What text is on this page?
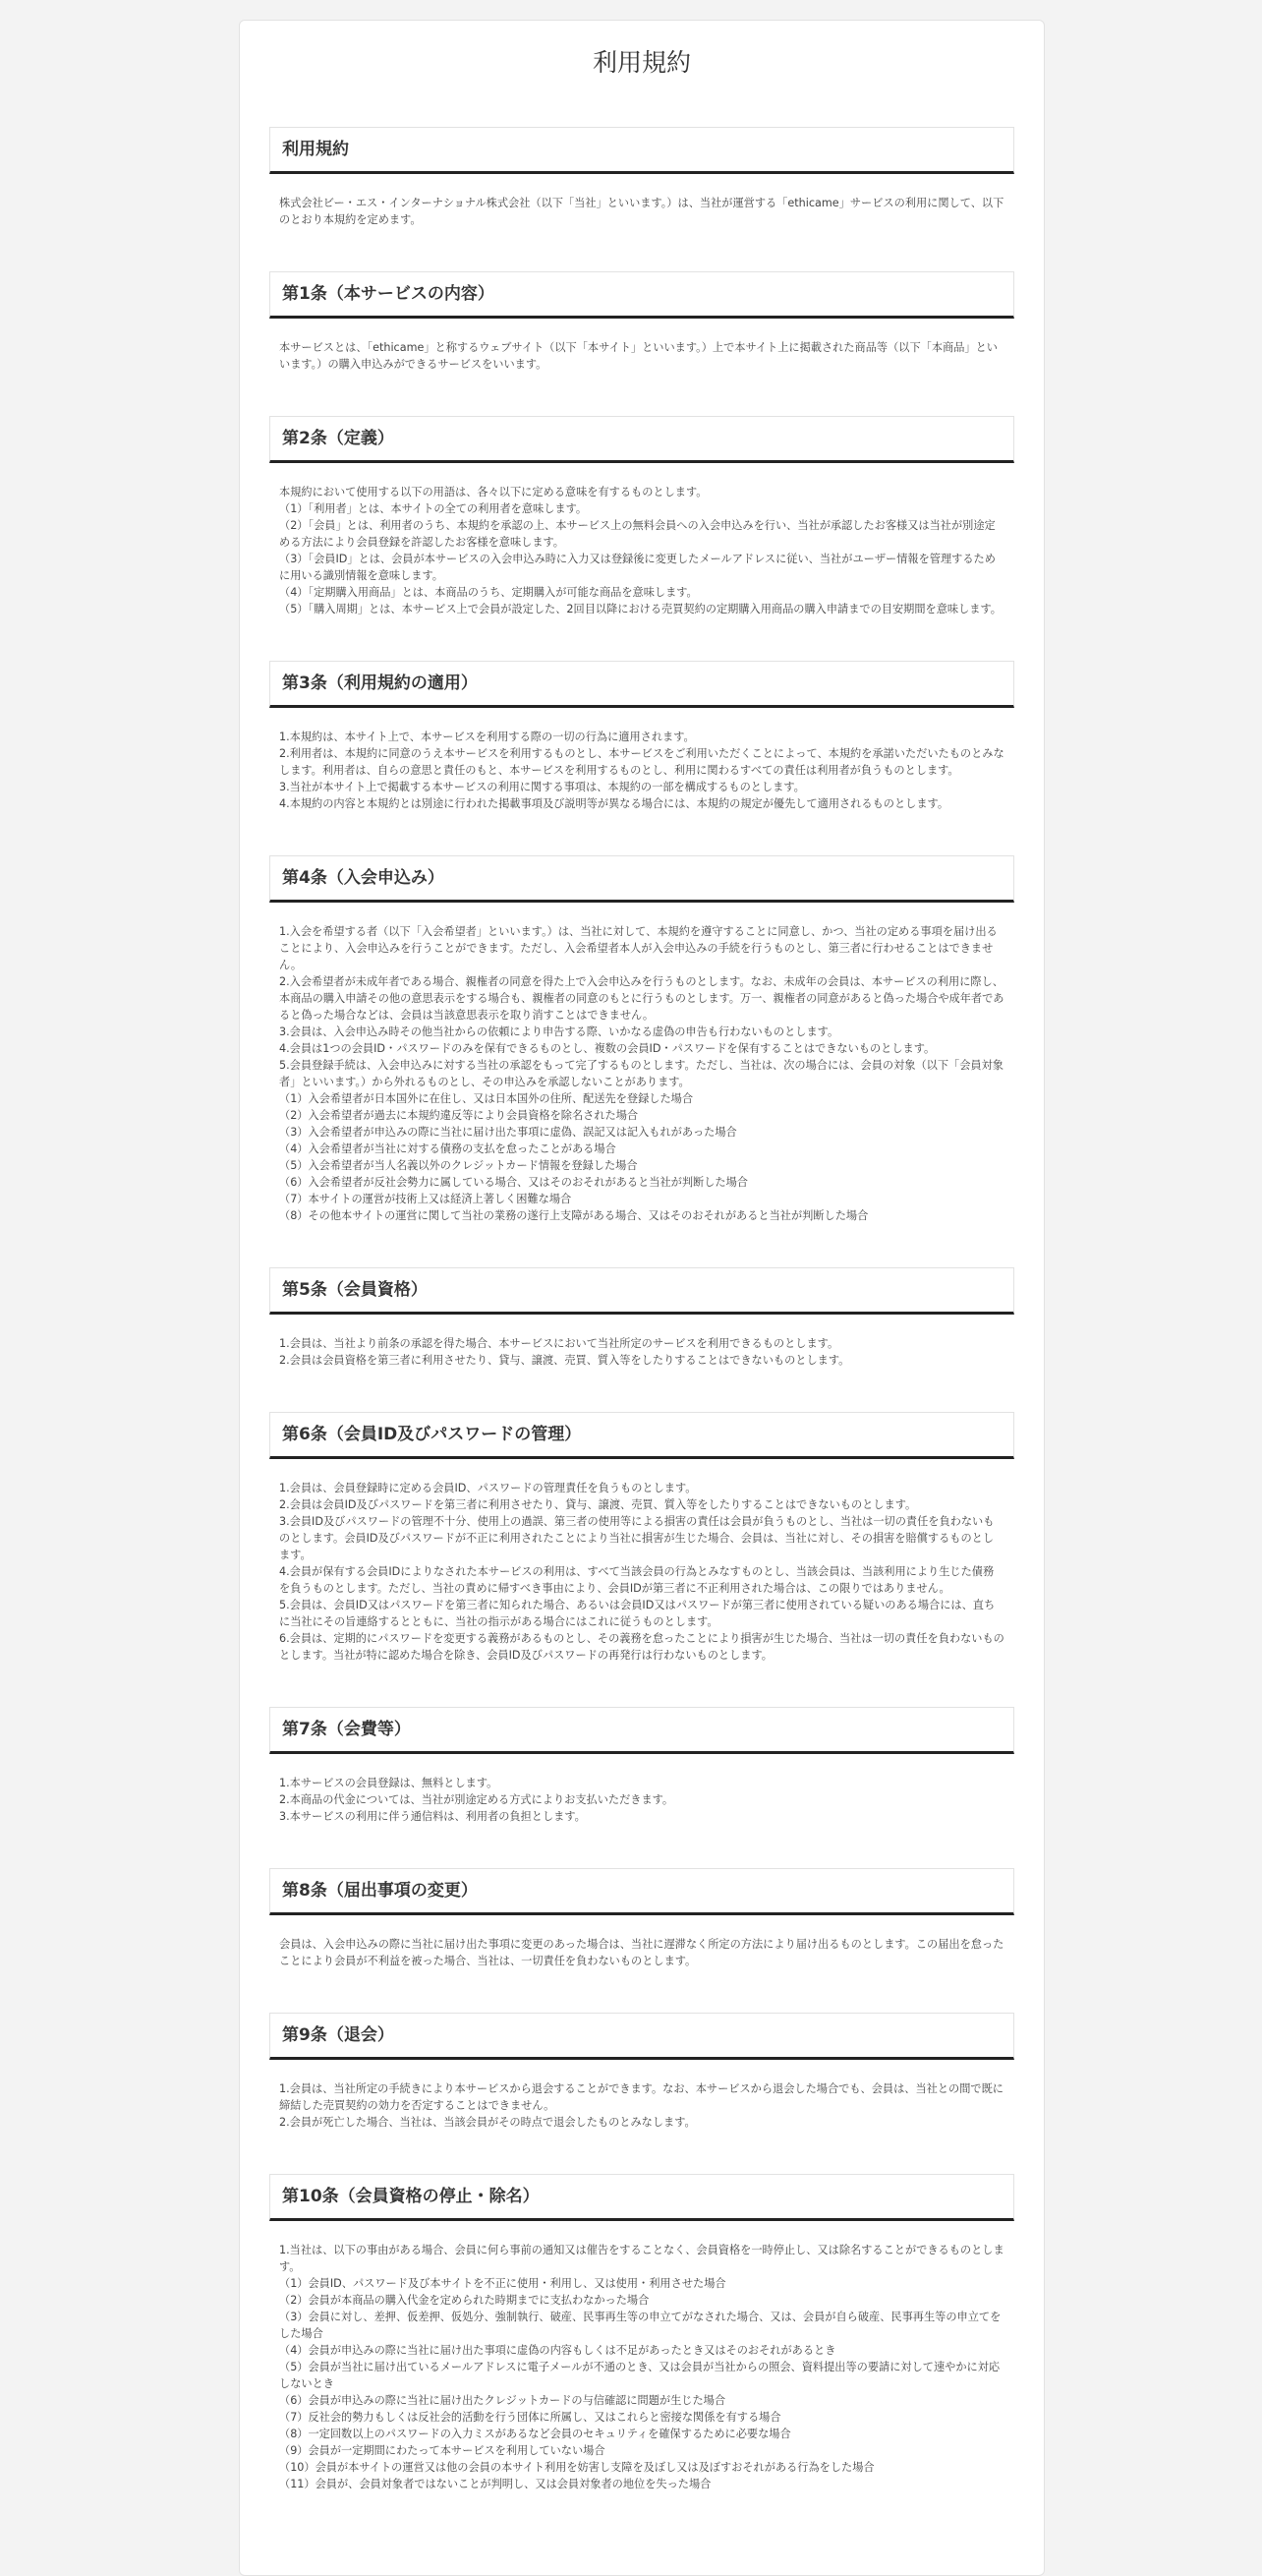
利用規約
利用規約

株式会社ビー・エス・インターナショナル株式会社（以下「当社」といいます。）は、当社が運営する「ethicame」サービスの利用に関して、以下のとおり本規約を定めます。

第1条（本サービスの内容）

本サービスとは、「ethicame」と称するウェブサイト（以下「本サイト」といいます。）上で本サイト上に掲載された商品等（以下「本商品」といいます。）の購入申込みができるサービスをいいます。

第2条（定義）

本規約において使用する以下の用語は、各々以下に定める意味を有するものとします。

（1）「利用者」とは、本サイトの全ての利用者を意味します。

（2）「会員」とは、利用者のうち、本規約を承認の上、本サービス上の無料会員への入会申込みを行い、当社が承認したお客様又は当社が別途定める方法により会員登録を許認したお客様を意味します。

（3）「会員ID」とは、会員が本サービスの入会申込み時に入力又は登録後に変更したメールアドレスに従い、当社がユーザー情報を管理するために用いる識別情報を意味します。

（4）「定期購入用商品」とは、本商品のうち、定期購入が可能な商品を意味します。

（5）「購入周期」とは、本サービス上で会員が設定した、2回目以降における売買契約の定期購入用商品の購入申請までの目安期間を意味します。

第3条（利用規約の適用）

1.本規約は、本サイト上で、本サービスを利用する際の一切の行為に適用されます。

2.利用者は、本規約に同意のうえ本サービスを利用するものとし、本サービスをご利用いただくことによって、本規約を承諾いただいたものとみなします。利用者は、自らの意思と責任のもと、本サービスを利用するものとし、利用に関わるすべての責任は利用者が負うものとします。

3.当社が本サイト上で掲載する本サービスの利用に関する事項は、本規約の一部を構成するものとします。

4.本規約の内容と本規約とは別途に行われた掲載事項及び説明等が異なる場合には、本規約の規定が優先して適用されるものとします。

第4条（入会申込み）

1.入会を希望する者（以下「入会希望者」といいます。）は、当社に対して、本規約を遵守することに同意し、かつ、当社の定める事項を届け出ることにより、入会申込みを行うことができます。ただし、入会希望者本人が入会申込みの手続を行うものとし、第三者に行わせることはできません。

2.入会希望者が未成年者である場合、親権者の同意を得た上で入会申込みを行うものとします。なお、未成年の会員は、本サービスの利用に際し、本商品の購入申請その他の意思表示をする場合も、親権者の同意のもとに行うものとします。万一、親権者の同意があると偽った場合や成年者であると偽った場合などは、会員は当該意思表示を取り消すことはできません。

3.会員は、入会申込み時その他当社からの依頼により申告する際、いかなる虚偽の申告も行わないものとします。

4.会員は1つの会員ID・パスワードのみを保有できるものとし、複数の会員ID・パスワードを保有することはできないものとします。

5.会員登録手続は、入会申込みに対する当社の承認をもって完了するものとします。ただし、当社は、次の場合には、会員の対象（以下「会員対象者」といいます。）から外れるものとし、その申込みを承認しないことがあります。

（1）入会希望者が日本国外に在住し、又は日本国外の住所、配送先を登録した場合

（2）入会希望者が過去に本規約違反等により会員資格を除名された場合

（3）入会希望者が申込みの際に当社に届け出た事項に虚偽、誤記又は記入もれがあった場合

（4）入会希望者が当社に対する債務の支払を怠ったことがある場合

（5）入会希望者が当人名義以外のクレジットカード情報を登録した場合

（6）入会希望者が反社会勢力に属している場合、又はそのおそれがあると当社が判断した場合

（7）本サイトの運営が技術上又は経済上著しく困難な場合

（8）その他本サイトの運営に関して当社の業務の遂行上支障がある場合、又はそのおそれがあると当社が判断した場合

第5条（会員資格）

1.会員は、当社より前条の承認を得た場合、本サービスにおいて当社所定のサービスを利用できるものとします。

2.会員は会員資格を第三者に利用させたり、貸与、譲渡、売買、質入等をしたりすることはできないものとします。

第6条（会員ID及びパスワードの管理）

1.会員は、会員登録時に定める会員ID、パスワードの管理責任を負うものとします。

2.会員は会員ID及びパスワードを第三者に利用させたり、貸与、譲渡、売買、質入等をしたりすることはできないものとします。

3.会員ID及びパスワードの管理不十分、使用上の過誤、第三者の使用等による損害の責任は会員が負うものとし、当社は一切の責任を負わないものとします。会員ID及びパスワードが不正に利用されたことにより当社に損害が生じた場合、会員は、当社に対し、その損害を賠償するものとします。

4.会員が保有する会員IDによりなされた本サービスの利用は、すべて当該会員の行為とみなすものとし、当該会員は、当該利用により生じた債務を負うものとします。ただし、当社の責めに帰すべき事由により、会員IDが第三者に不正利用された場合は、この限りではありません。

5.会員は、会員ID又はパスワードを第三者に知られた場合、あるいは会員ID又はパスワードが第三者に使用されている疑いのある場合には、直ちに当社にその旨連絡するとともに、当社の指示がある場合にはこれに従うものとします。

6.会員は、定期的にパスワードを変更する義務があるものとし、その義務を怠ったことにより損害が生じた場合、当社は一切の責任を負わないものとします。当社が特に認めた場合を除き、会員ID及びパスワードの再発行は行わないものとします。

第7条（会費等）

1.本サービスの会員登録は、無料とします。

2.本商品の代金については、当社が別途定める方式によりお支払いただきます。

3.本サービスの利用に伴う通信料は、利用者の負担とします。

第8条（届出事項の変更）

会員は、入会申込みの際に当社に届け出た事項に変更のあった場合は、当社に遅滞なく所定の方法により届け出るものとします。この届出を怠ったことにより会員が不利益を被った場合、当社は、一切責任を負わないものとします。

第9条（退会）

1.会員は、当社所定の手続きにより本サービスから退会することができます。なお、本サービスから退会した場合でも、会員は、当社との間で既に締結した売買契約の効力を否定することはできません。

2.会員が死亡した場合、当社は、当該会員がその時点で退会したものとみなします。

第10条（会員資格の停止・除名）

1.当社は、以下の事由がある場合、会員に何ら事前の通知又は催告をすることなく、会員資格を一時停止し、又は除名することができるものとします。

（1）会員ID、パスワード及び本サイトを不正に使用・利用し、又は使用・利用させた場合

（2）会員が本商品の購入代金を定められた時期までに支払わなかった場合

（3）会員に対し、差押、仮差押、仮処分、強制執行、破産、民事再生等の申立てがなされた場合、又は、会員が自ら破産、民事再生等の申立てをした場合

（4）会員が申込みの際に当社に届け出た事項に虚偽の内容もしくは不足があったとき又はそのおそれがあるとき

（5）会員が当社に届け出ているメールアドレスに電子メールが不通のとき、又は会員が当社からの照会、資料提出等の要請に対して速やかに対応しないとき

（6）会員が申込みの際に当社に届け出たクレジットカードの与信確認に問題が生じた場合

（7）反社会的勢力もしくは反社会的活動を行う団体に所属し、又はこれらと密接な関係を有する場合

（8）一定回数以上のパスワードの入力ミスがあるなど会員のセキュリティを確保するために必要な場合

（9）会員が一定期間にわたって本サービスを利用していない場合

（10）会員が本サイトの運営又は他の会員の本サイト利用を妨害し支障を及ぼし又は及ぼすおそれがある行為をした場合

（11）会員が、会員対象者ではないことが判明し、又は会員対象者の地位を失った場合
